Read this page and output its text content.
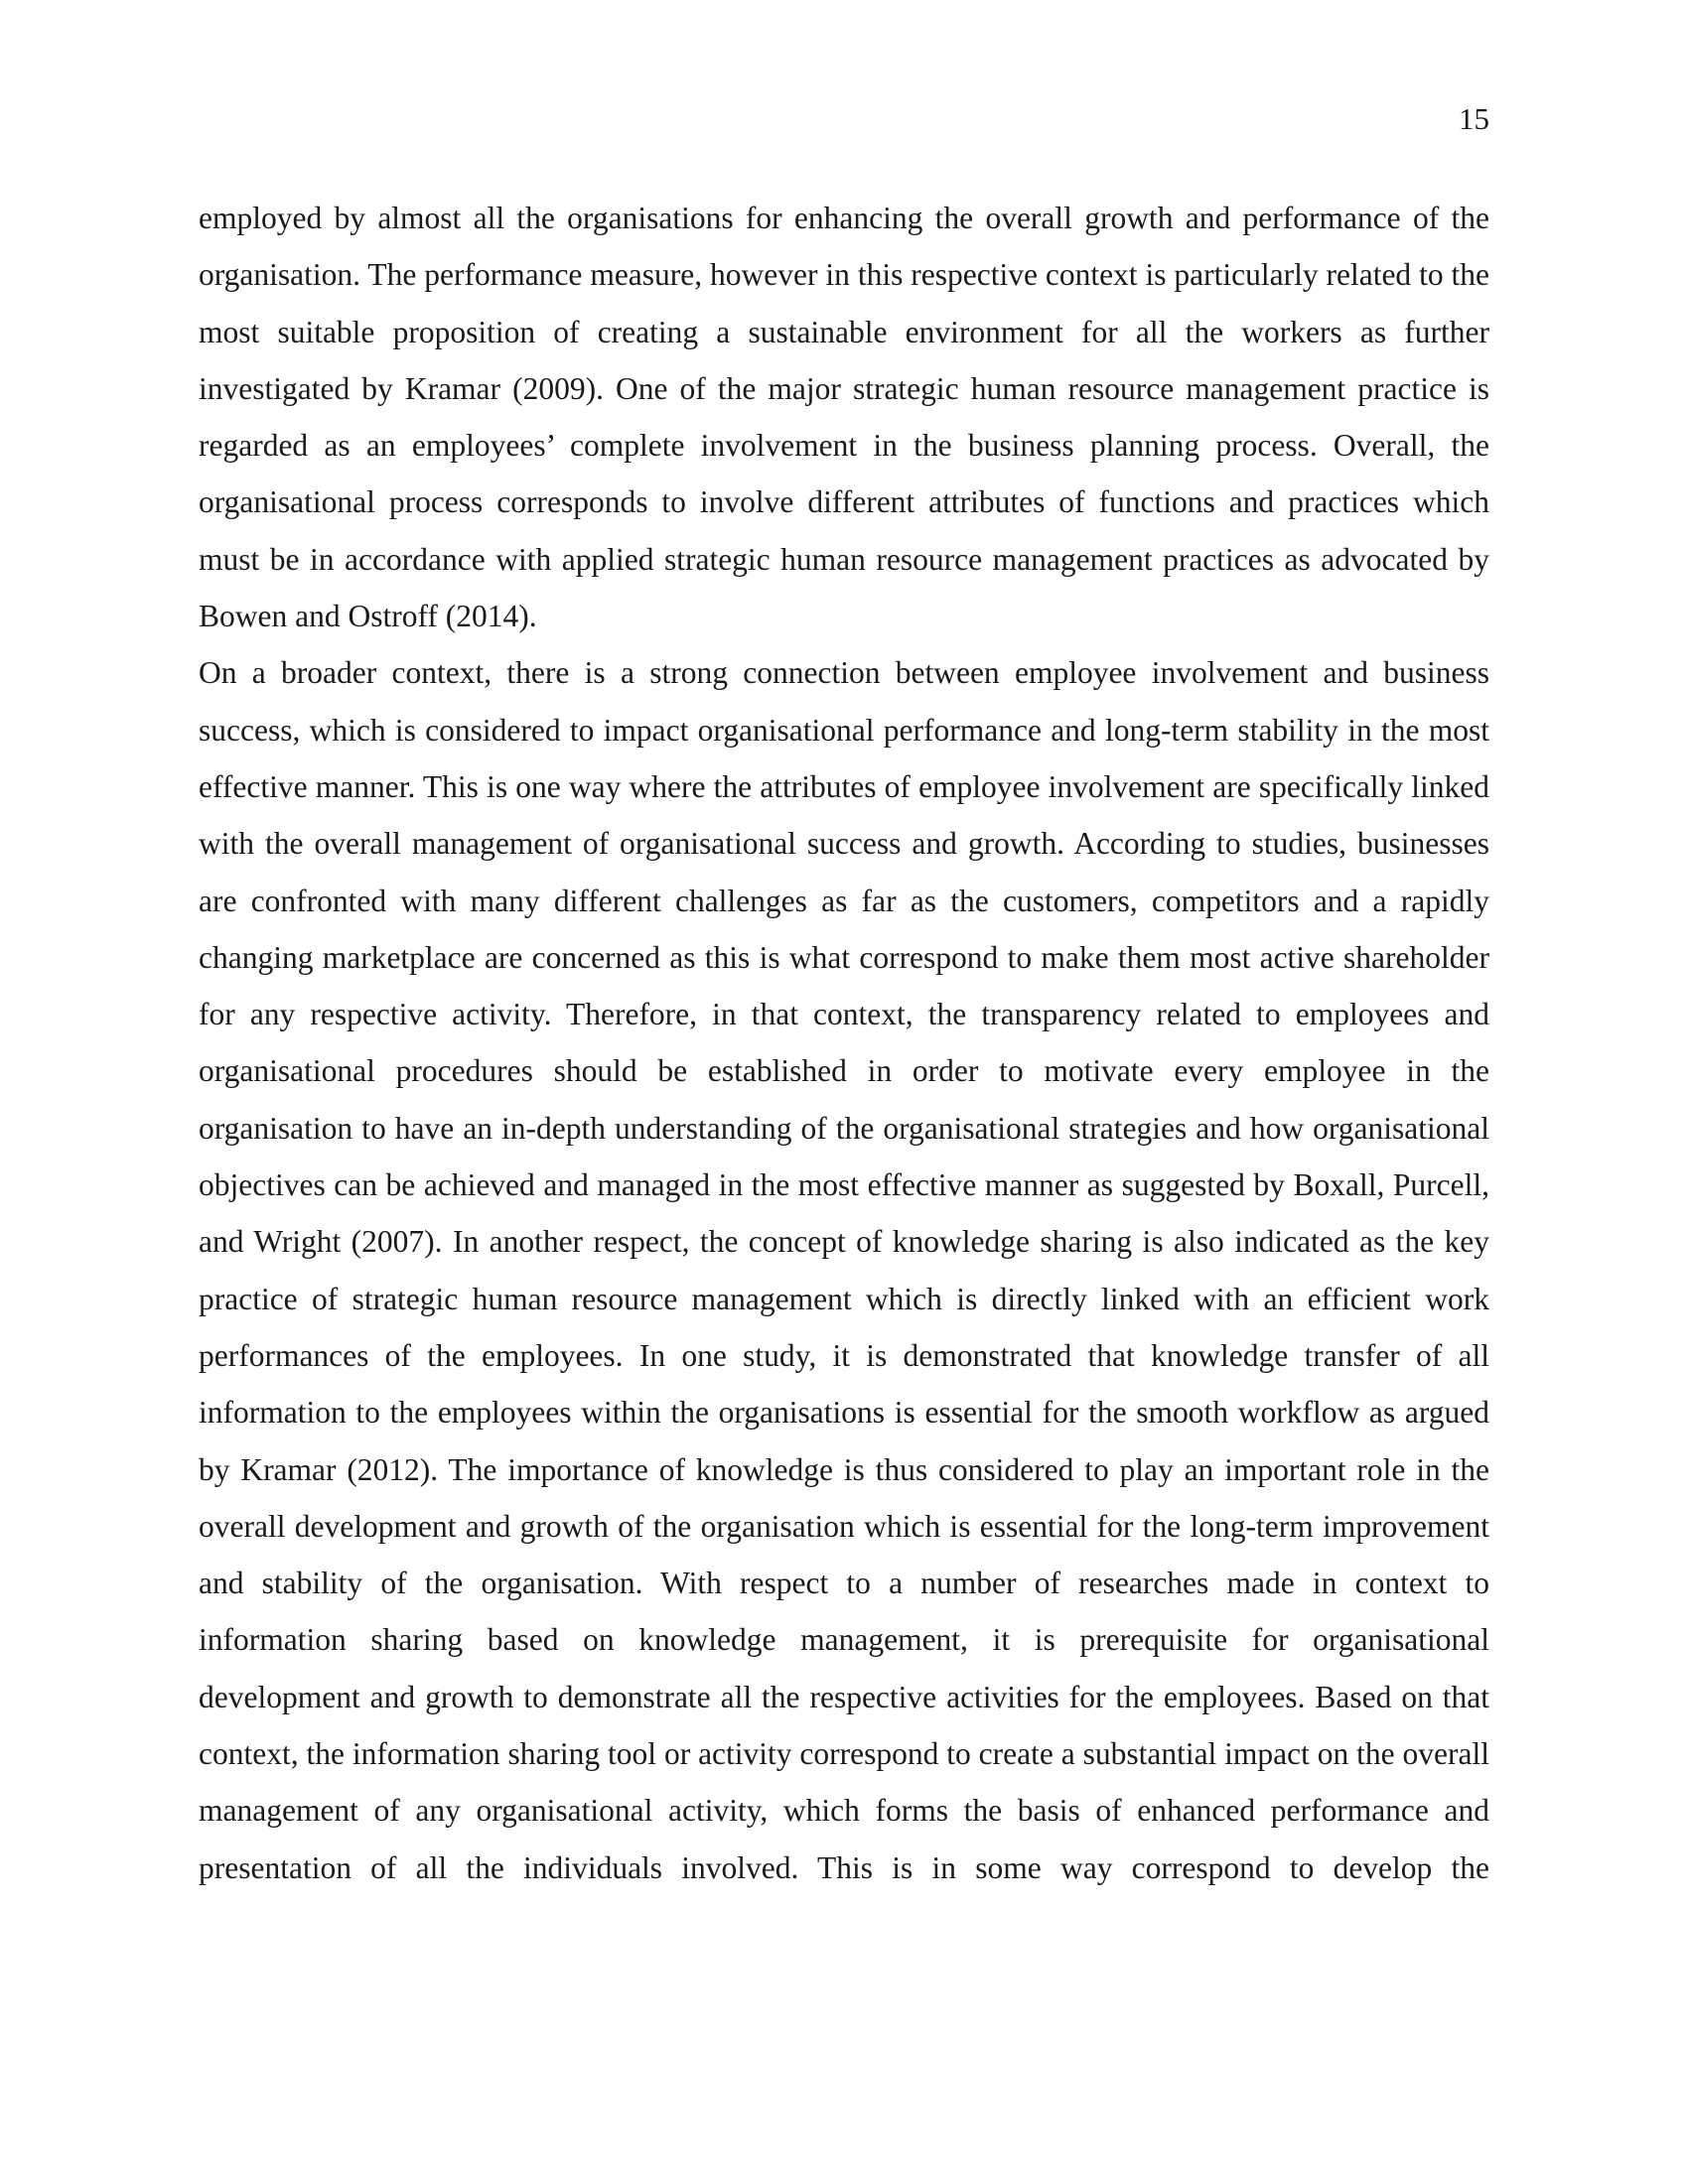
15

employed by almost all the organisations for enhancing the overall growth and performance of the organisation. The performance measure, however in this respective context is particularly related to the most suitable proposition of creating a sustainable environment for all the workers as further investigated by Kramar (2009). One of the major strategic human resource management practice is regarded as an employees’ complete involvement in the business planning process. Overall, the organisational process corresponds to involve different attributes of functions and practices which must be in accordance with applied strategic human resource management practices as advocated by Bowen and Ostroff (2014).

On a broader context, there is a strong connection between employee involvement and business success, which is considered to impact organisational performance and long-term stability in the most effective manner. This is one way where the attributes of employee involvement are specifically linked with the overall management of organisational success and growth. According to studies, businesses are confronted with many different challenges as far as the customers, competitors and a rapidly changing marketplace are concerned as this is what correspond to make them most active shareholder for any respective activity. Therefore, in that context, the transparency related to employees and organisational procedures should be established in order to motivate every employee in the organisation to have an in-depth understanding of the organisational strategies and how organisational objectives can be achieved and managed in the most effective manner as suggested by Boxall, Purcell, and Wright (2007). In another respect, the concept of knowledge sharing is also indicated as the key practice of strategic human resource management which is directly linked with an efficient work performances of the employees. In one study, it is demonstrated that knowledge transfer of all information to the employees within the organisations is essential for the smooth workflow as argued by Kramar (2012). The importance of knowledge is thus considered to play an important role in the overall development and growth of the organisation which is essential for the long-term improvement and stability of the organisation. With respect to a number of researches made in context to information sharing based on knowledge management, it is prerequisite for organisational development and growth to demonstrate all the respective activities for the employees. Based on that context, the information sharing tool or activity correspond to create a substantial impact on the overall management of any organisational activity, which forms the basis of enhanced performance and presentation of all the individuals involved. This is in some way correspond to develop the
